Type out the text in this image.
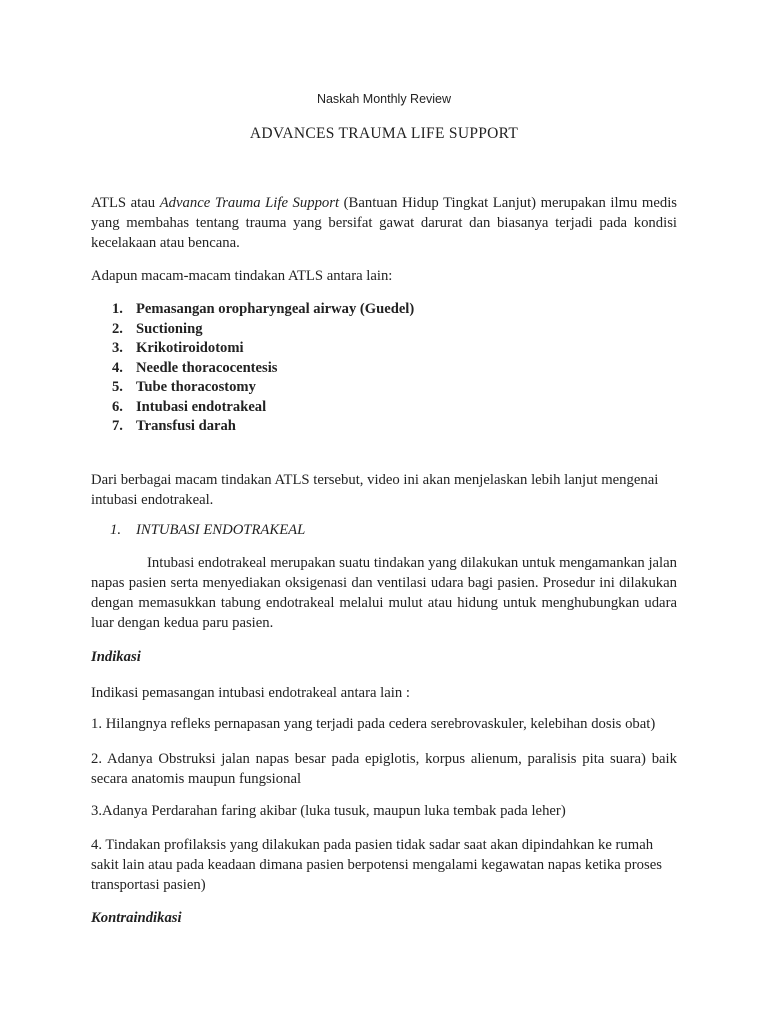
Naskah Monthly Review
ADVANCES TRAUMA LIFE SUPPORT
ATLS atau Advance Trauma Life Support (Bantuan Hidup Tingkat Lanjut) merupakan ilmu medis yang membahas tentang trauma yang bersifat gawat darurat dan biasanya terjadi pada kondisi kecelakaan atau bencana.
Adapun macam-macam tindakan ATLS antara lain:
1. Pemasangan oropharyngeal airway (Guedel)
2. Suctioning
3. Krikotiroidotomi
4. Needle thoracocentesis
5. Tube thoracostomy
6. Intubasi endotrakeal
7. Transfusi darah
Dari berbagai macam tindakan ATLS tersebut, video ini akan menjelaskan lebih lanjut mengenai intubasi endotrakeal.
1. INTUBASI ENDOTRAKEAL
Intubasi endotrakeal merupakan suatu tindakan yang dilakukan untuk mengamankan jalan napas pasien serta menyediakan oksigenasi dan ventilasi udara bagi pasien. Prosedur ini dilakukan dengan memasukkan tabung endotrakeal melalui mulut atau hidung untuk menghubungkan udara luar dengan kedua paru pasien.
Indikasi
Indikasi pemasangan intubasi endotrakeal antara lain :
1. Hilangnya refleks pernapasan yang terjadi pada cedera serebrovaskuler, kelebihan dosis obat)
2. Adanya Obstruksi jalan napas besar pada epiglotis, korpus alienum, paralisis pita suara) baik secara anatomis maupun fungsional
3.Adanya Perdarahan faring akibar (luka tusuk, maupun luka tembak pada leher)
4. Tindakan profilaksis yang dilakukan pada pasien tidak sadar saat akan dipindahkan ke rumah sakit lain atau pada keadaan dimana pasien berpotensi mengalami kegawatan napas ketika proses transportasi pasien)
Kontraindikasi
